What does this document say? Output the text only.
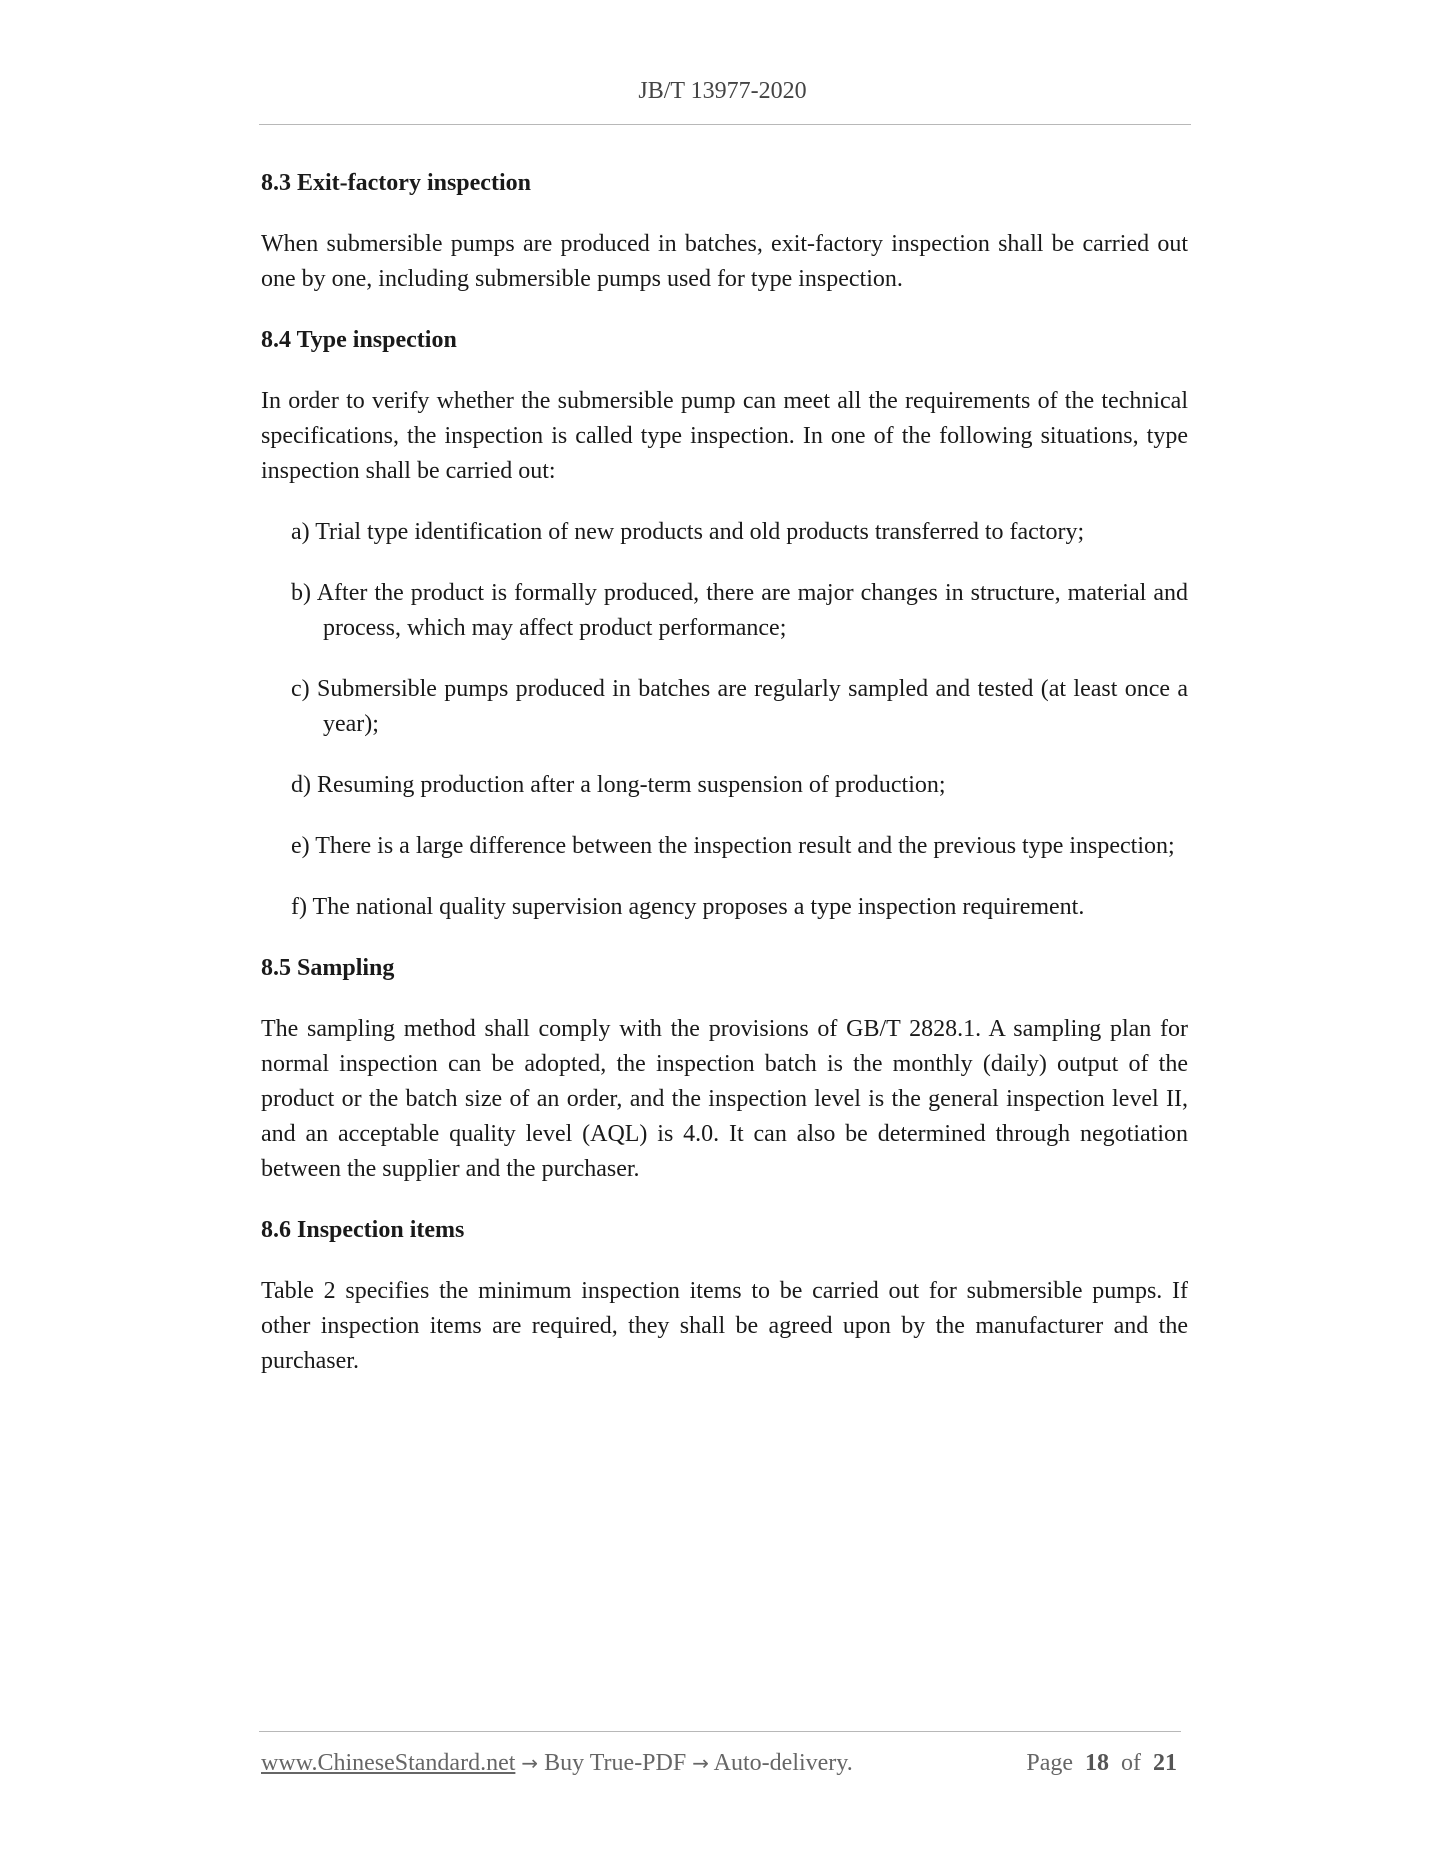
JB/T 13977-2020
8.3 Exit-factory inspection

When submersible pumps are produced in batches, exit-factory inspection shall be carried out one by one, including submersible pumps used for type inspection.

8.4 Type inspection

In order to verify whether the submersible pump can meet all the requirements of the technical specifications, the inspection is called type inspection. In one of the following situations, type inspection shall be carried out:

a) Trial type identification of new products and old products transferred to factory;
b) After the product is formally produced, there are major changes in structure, material and process, which may affect product performance;
c) Submersible pumps produced in batches are regularly sampled and tested (at least once a year);
d) Resuming production after a long-term suspension of production;
e) There is a large difference between the inspection result and the previous type inspection;
f) The national quality supervision agency proposes a type inspection requirement.
8.5 Sampling

The sampling method shall comply with the provisions of GB/T 2828.1. A sampling plan for normal inspection can be adopted, the inspection batch is the monthly (daily) output of the product or the batch size of an order, and the inspection level is the general inspection level II, and an acceptable quality level (AQL) is 4.0. It can also be determined through negotiation between the supplier and the purchaser.

8.6 Inspection items

Table 2 specifies the minimum inspection items to be carried out for submersible pumps. If other inspection items are required, they shall be agreed upon by the manufacturer and the purchaser.

www.ChineseStandard.net → Buy True-PDF → Auto-delivery.	Page 18 of 21
